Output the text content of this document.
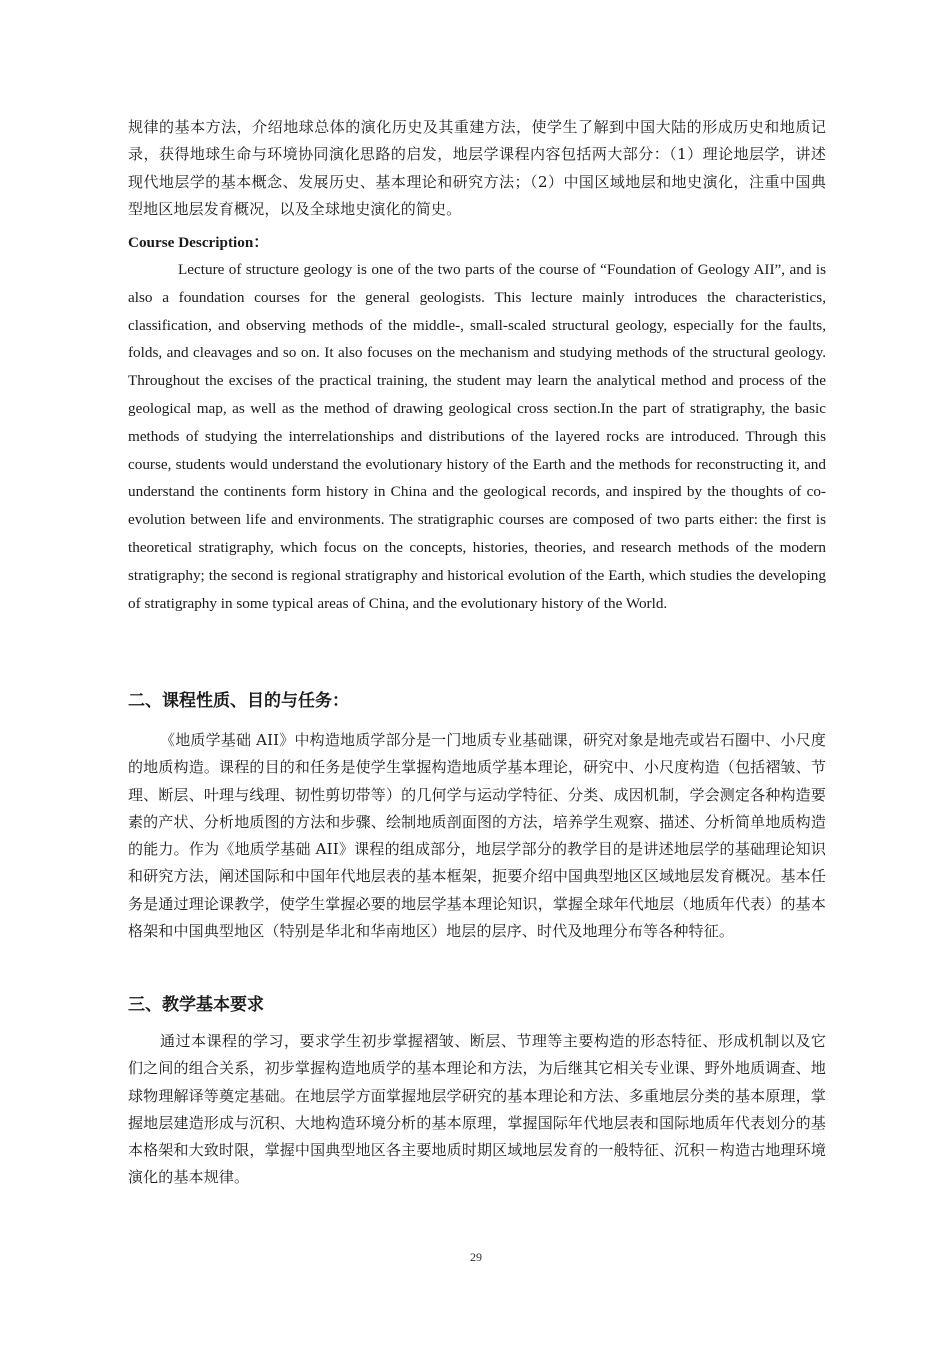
规律的基本方法，介绍地球总体的演化历史及其重建方法，使学生了解到中国大陆的形成历史和地质记录，获得地球生命与环境协同演化思路的启发，地层学课程内容包括两大部分：（1）理论地层学，讲述现代地层学的基本概念、发展历史、基本理论和研究方法；（2）中国区域地层和地史演化，注重中国典型地区地层发育概况，以及全球地史演化的简史。

Course Description：

Lecture of structure geology is one of the two parts of the course of “Foundation of Geology AII”, and is also a foundation courses for the general geologists. This lecture mainly introduces the characteristics, classification, and observing methods of the middle-, small-scaled structural geology, especially for the faults, folds, and cleavages and so on. It also focuses on the mechanism and studying methods of the structural geology. Throughout the excises of the practical training, the student may learn the analytical method and process of the geological map, as well as the method of drawing geological cross section.In the part of stratigraphy, the basic methods of studying the interrelationships and distributions of the layered rocks are introduced. Through this course, students would understand the evolutionary history of the Earth and the methods for reconstructing it, and understand the continents form history in China and the geological records, and inspired by the thoughts of co-evolution between life and environments. The stratigraphic courses are composed of two parts either: the first is theoretical stratigraphy, which focus on the concepts, histories, theories, and research methods of the modern stratigraphy; the second is regional stratigraphy and historical evolution of the Earth, which studies the developing of stratigraphy in some typical areas of China, and the evolutionary history of the World.

二、课程性质、目的与任务：

《地质学基础 AII》中构造地质学部分是一门地质专业基础课，研究对象是地壳或岩石圈中、小尺度的地质构造。课程的目的和任务是使学生掌握构造地质学基本理论，研究中、小尺度构造（包括褶皱、节理、断层、叶理与线理、韧性剪切带等）的几何学与运动学特征、分类、成因机制，学会测定各种构造要素的产状、分析地质图的方法和步骤、绘制地质剖面图的方法，培养学生观察、描述、分析简单地质构造的能力。作为《地质学基础 AII》课程的组成部分，地层学部分的教学目的是讲述地层学的基础理论知识和研究方法，阐述国际和中国年代地层表的基本框架，扼要介绍中国典型地区区域地层发育概况。基本任务是通过理论课教学，使学生掌握必要的地层学基本理论知识，掌握全球年代地层（地质年代表）的基本格架和中国典型地区（特别是华北和华南地区）地层的层序、时代及地理分布等各种特征。

三、教学基本要求

通过本课程的学习，要求学生初步掌握褶皱、断层、节理等主要构造的形态特征、形成机制以及它们之间的组合关系，初步掌握构造地质学的基本理论和方法，为后继其它相关专业课、野外地质调查、地球物理解译等奠定基础。在地层学方面掌握地层学研究的基本理论和方法、多重地层分类的基本原理，掌握地层建造形成与沉积、大地构造环境分析的基本原理，掌握国际年代地层表和国际地质年代表划分的基本格架和大致时限，掌握中国典型地区各主要地质时期区域地层发育的一般特征、沉积－构造古地理环境演化的基本规律。

29
